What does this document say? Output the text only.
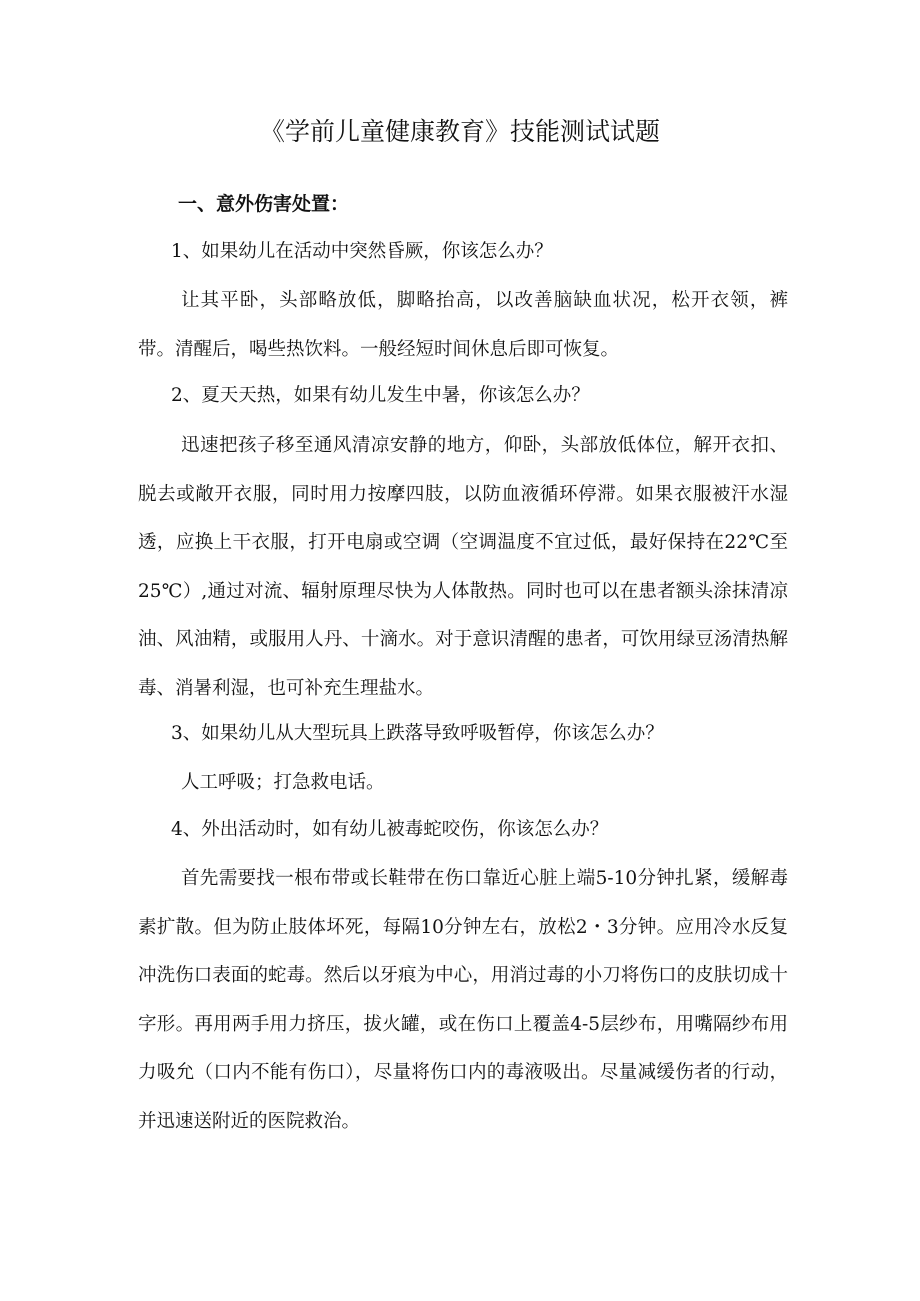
《学前儿童健康教育》技能测试试题
一、意外伤害处置：
1、如果幼儿在活动中突然昏厥，你该怎么办？

让其平卧，头部略放低，脚略抬高，以改善脑缺血状况，松开衣领，裤带。清醒后，喝些热饮料。一般经短时间休息后即可恢复。

2、夏天天热，如果有幼儿发生中暑，你该怎么办？

迅速把孩子移至通风清凉安静的地方，仰卧，头部放低体位，解开衣扣、脱去或敞开衣服，同时用力按摩四肢，以防血液循环停滞。如果衣服被汗水湿透，应换上干衣服，打开电扇或空调（空调温度不宜过低，最好保持在22℃至25℃）,通过对流、辐射原理尽快为人体散热。同时也可以在患者额头涂抹清凉油、风油精，或服用人丹、十滴水。对于意识清醒的患者，可饮用绿豆汤清热解毒、消暑利湿，也可补充生理盐水。

3、如果幼儿从大型玩具上跌落导致呼吸暂停，你该怎么办？

人工呼吸；打急救电话。

4、外出活动时，如有幼儿被毒蛇咬伤，你该怎么办？

首先需要找一根布带或长鞋带在伤口靠近心脏上端5-10分钟扎紧，缓解毒素扩散。但为防止肢体坏死，每隔10分钟左右，放松2・3分钟。应用冷水反复冲洗伤口表面的蛇毒。然后以牙痕为中心，用消过毒的小刀将伤口的皮肤切成十字形。再用两手用力挤压，拔火罐，或在伤口上覆盖4-5层纱布，用嘴隔纱布用力吸允（口内不能有伤口），尽量将伤口内的毒液吸出。尽量减缓伤者的行动，并迅速送附近的医院救治。
